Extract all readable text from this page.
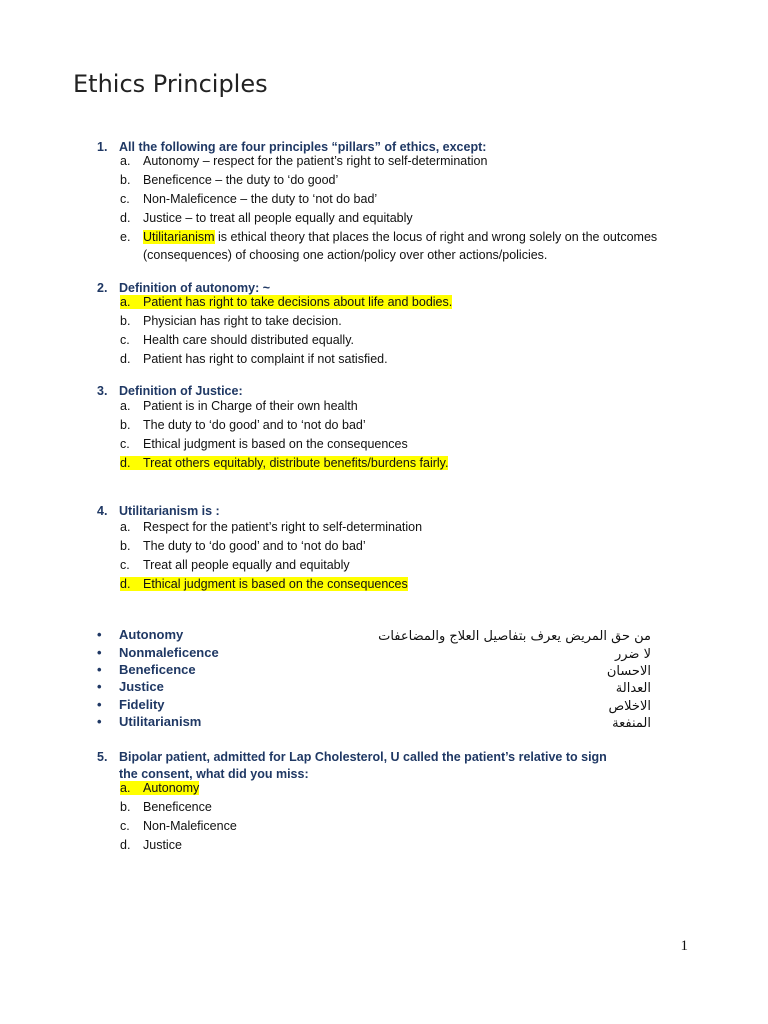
Ethics Principles
1. All the following are four principles “pillars” of ethics, except:
a. Autonomy – respect for the patient’s right to self-determination
b. Beneficence – the duty to ‘do good’
c. Non-Maleficence – the duty to ‘not do bad’
d. Justice – to treat all people equally and equitably
e. Utilitarianism is ethical theory that places the locus of right and wrong solely on the outcomes
(consequences) of choosing one action/policy over other actions/policies.
2. Definition of autonomy: ~
a. Patient has right to take decisions about life and bodies.
b. Physician has right to take decision.
c. Health care should distributed equally.
d. Patient has right to complaint if not satisfied.
3. Definition of Justice:
a. Patient is in Charge of their own health
b. The duty to ‘do good’ and to ‘not do bad’
c. Ethical judgment is based on the consequences
d. Treat others equitably, distribute benefits/burdens fairly.
4. Utilitarianism is :
a. Respect for the patient’s right to self-determination
b. The duty to ‘do good’ and to ‘not do bad’
c. Treat all people equally and equitably
d. Ethical judgment is based on the consequences
• Autonomy	من حق المريض يعرف بتفاصيل العلاج والمضاعفات
• Nonmaleficence	لا ضرر
• Beneficence	الاحسان
• Justice	العدالة
• Fidelity	الاخلاص
• Utilitarianism	المنفعة
5. Bipolar patient, admitted for Lap Cholesterol, U called the patient’s relative to sign
the consent, what did you miss:
a. Autonomy
b. Beneficence
c. Non-Maleficence
d. Justice
1
